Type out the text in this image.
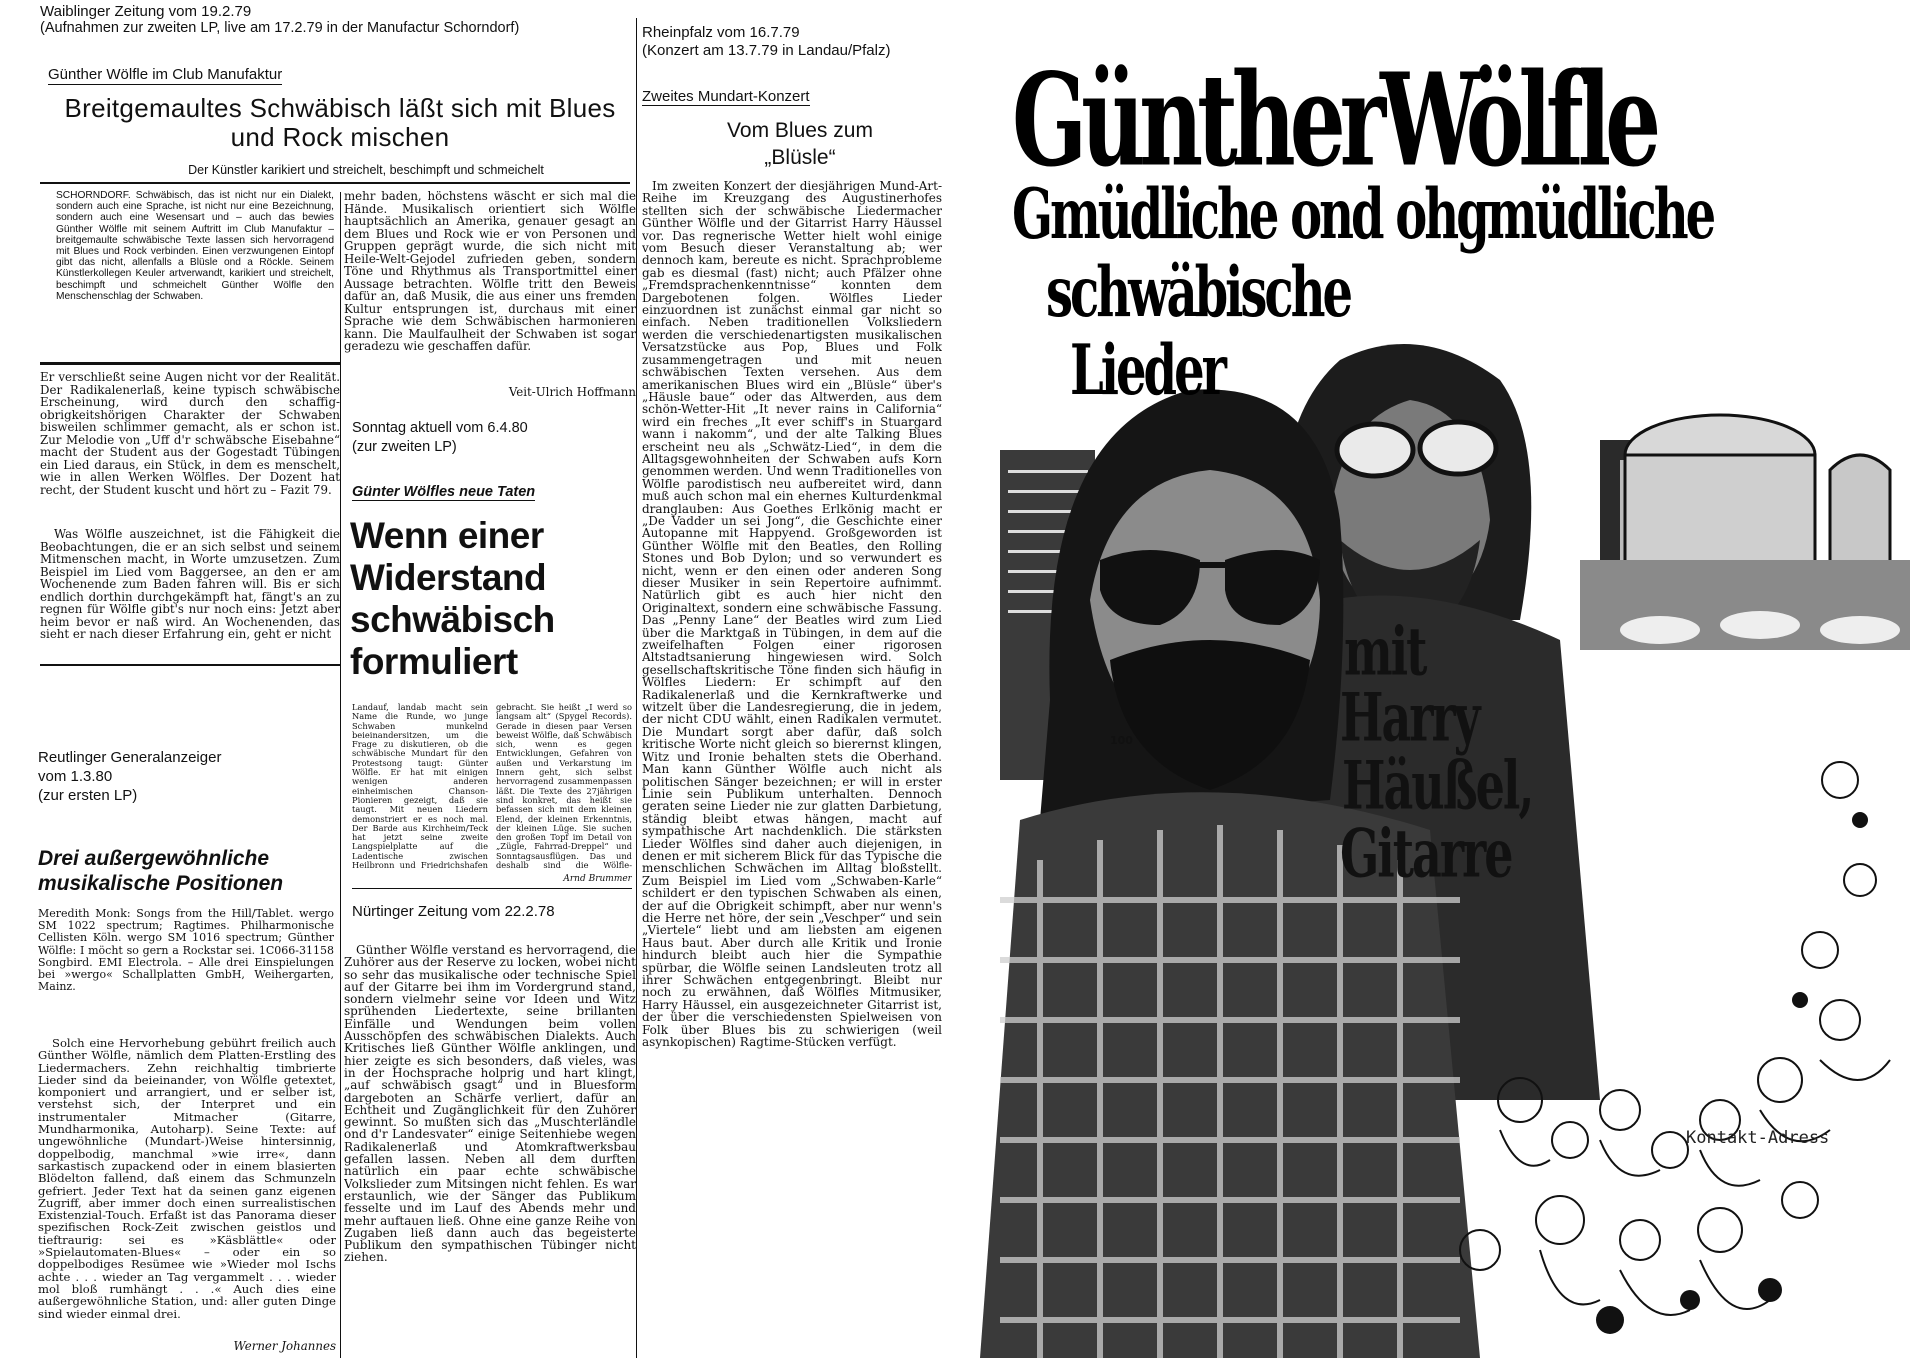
Waiblinger Zeitung vom 19.2.79
(Aufnahmen zur zweiten LP, live am 17.2.79 in der Manufactur Schorndorf)
Günther Wölfle im Club Manufaktur
Breitgemaultes Schwäbisch läßt sich mit Blues und Rock mischen
Der Künstler karikiert und streichelt, beschimpft und schmeichelt
SCHORNDORF. Schwäbisch, das ist nicht nur ein Dialekt, sondern auch eine Sprache, ist nicht nur eine Bezeichnung, sondern auch eine Wesensart und – auch das bewies Günther Wölfle mit seinem Auftritt im Club Manufaktur – breitgemaulte schwäbische Texte lassen sich hervorragend mit Blues und Rock verbinden. Einen verzwungenen Eintopf gibt das nicht, allenfalls a Blüsle ond a Röckle. Seinem Künstlerkollegen Keuler artverwandt, karikiert und streichelt, beschimpft und schmeichelt Günther Wölfle den Menschenschlag der Schwaben.
Er verschließt seine Augen nicht vor der Realität. Der Radikalenerlaß, keine typisch schwäbische Erscheinung, wird durch den schaffig-obrigkeitshörigen Charakter der Schwaben bisweilen schlimmer gemacht, als er schon ist. Zur Melodie von „Uff d'r schwäbsche Eisebahne“ macht der Student aus der Gogestadt Tübingen ein Lied daraus, ein Stück, in dem es menschelt, wie in allen Werken Wölfles. Der Dozent hat recht, der Student kuscht und hört zu – Fazit 79.
Was Wölfle auszeichnet, ist die Fähigkeit die Beobachtungen, die er an sich selbst und seinem Mitmenschen macht, in Worte umzusetzen. Zum Beispiel im Lied vom Baggersee, an den er am Wochenende zum Baden fahren will. Bis er sich endlich dorthin durchgekämpft hat, fängt's an zu regnen für Wölfle gibt's nur noch eins: Jetzt aber heim bevor er naß wird. An Wochenenden, das sieht er nach dieser Erfahrung ein, geht er nicht
mehr baden, höchstens wäscht er sich mal die Hände. Musikalisch orientiert sich Wölfle hauptsächlich an Amerika, genauer gesagt an dem Blues und Rock wie er von Personen und Gruppen geprägt wurde, die sich nicht mit Heile-Welt-Gejodel zufrieden geben, sondern Töne und Rhythmus als Transportmittel einer Aussage betrachten. Wölfle tritt den Beweis dafür an, daß Musik, die aus einer uns fremden Kultur entsprungen ist, durchaus mit einer Sprache wie dem Schwäbischen harmonieren kann. Die Maulfaulheit der Schwaben ist sogar geradezu wie geschaffen dafür.
Veit-Ulrich Hoffmann
Sonntag aktuell vom 6.4.80
(zur zweiten LP)
Günter Wölfles neue Taten
Wenn einer Widerstand schwäbisch formuliert
Landauf, landab macht sein Name die Runde, wo junge Schwaben munkelnd beieinandersitzen, um die Frage zu diskutieren, ob die schwäbische Mundart für den Protestsong taugt: Günter Wölfle. Er hat mit einigen wenigen anderen einheimischen Chanson-Pionieren gezeigt, daß sie taugt. Mit neuen Liedern demonstriert er es noch mal. Der Barde aus Kirchheim/Teck hat jetzt seine zweite Langspielplatte auf die Ladentische zwischen Heilbronn und Friedrichshafen gebracht. Sie heißt „I werd so langsam alt“ (Spygel Records). Gerade in diesen paar Versen beweist Wölfle, daß Schwäbisch sich, wenn es gegen Entwicklungen, Gefahren von außen und Verkarstung im Innern geht, sich selbst hervorragend zusammenpassen läßt. Die Texte des 27jährigen sind konkret, das heißt sie befassen sich mit dem kleinen Elend, der kleinen Erkenntnis, der kleinen Lüge. Sie suchen den großen Topf im Detail von „Zügle, Fahrrad-Dreppel“ und Sonntagsausflügen. Das und deshalb sind die Wölfle-
Arnd Brummer
Nürtinger Zeitung vom 22.2.78
Günther Wölfle verstand es hervorragend, die Zuhörer aus der Reserve zu locken, wobei nicht so sehr das musikalische oder technische Spiel auf der Gitarre bei ihm im Vordergrund stand, sondern vielmehr seine vor Ideen und Witz sprühenden Liedertexte, seine brillanten Einfälle und Wendungen beim vollen Ausschöpfen des schwäbischen Dialekts. Auch Kritisches ließ Günther Wölfle anklingen, und hier zeigte es sich besonders, daß vieles, was in der Hochsprache holprig und hart klingt, „auf schwäbisch gsagt“ und in Bluesform dargeboten an Schärfe verliert, dafür an Echtheit und Zugänglichkeit für den Zuhörer gewinnt. So mußten sich das „Muschterländle ond d'r Landesvater“ einige Seitenhiebe wegen Radikalenerlaß und Atomkraftwerksbau gefallen lassen. Neben all dem durften natürlich ein paar echte schwäbische Volkslieder zum Mitsingen nicht fehlen. Es war erstaunlich, wie der Sänger das Publikum fesselte und im Lauf des Abends mehr und mehr auftauen ließ. Ohne eine ganze Reihe von Zugaben ließ dann auch das begeisterte Publikum den sympathischen Tübinger nicht ziehen.
Reutlinger Generalanzeiger
vom 1.3.80
(zur ersten LP)
Drei außergewöhnliche musikalische Positionen
Meredith Monk: Songs from the Hill/Tablet. wergo SM 1022 spectrum; Ragtimes. Philharmonische Cellisten Köln. wergo SM 1016 spectrum; Günther Wölfle: I möcht so gern a Rockstar sei. 1C066-31158 Songbird. EMI Electrola. – Alle drei Einspielungen bei »wergo« Schallplatten GmbH, Weihergarten, Mainz.
Solch eine Hervorhebung gebührt freilich auch Günther Wölfle, nämlich dem Platten-Erstling des Liedermachers. Zehn reichhaltig timbrierte Lieder sind da beieinander, von Wölfle getextet, komponiert und arrangiert, und er selber ist, verstehst sich, der Interpret und ein instrumentaler Mitmacher (Gitarre, Mundharmonika, Autoharp). Seine Texte: auf ungewöhnliche (Mundart-)Weise hintersinnig, doppelbodig, manchmal »wie irre«, dann sarkastisch zupackend oder in einem blasierten Blödelton fallend, daß einem das Schmunzeln gefriert. Jeder Text hat da seinen ganz eigenen Zugriff, aber immer doch einen surrealistischen Existenzial-Touch. Erfaßt ist das Panorama dieser spezifischen Rock-Zeit zwischen geistlos und tieftraurig: sei es »Käsblättle« oder »Spielautomaten-Blues« – oder ein so doppelbodiges Resümee wie »Wieder mol Ischs achte . . . wieder an Tag vergammelt . . . wieder mol bloß rumhängt . . .« Auch dies eine außergewöhnliche Station, und: aller guten Dinge sind wieder einmal drei.
Werner Johannes
Rheinpfalz vom 16.7.79
(Konzert am 13.7.79 in Landau/Pfalz)
Zweites Mundart-Konzert
Vom Blues zum „Blüsle“
Im zweiten Konzert der diesjährigen Mund-Art-Reihe im Kreuzgang des Augustinerhofes stellten sich der schwäbische Liedermacher Günther Wölfle und der Gitarrist Harry Häussel vor. Das regnerische Wetter hielt wohl einige vom Besuch dieser Veranstaltung ab; wer dennoch kam, bereute es nicht. Sprachprobleme gab es diesmal (fast) nicht; auch Pfälzer ohne „Fremdsprachenkenntnisse“ konnten dem Dargebotenen folgen. Wölfles Lieder einzuordnen ist zunächst einmal gar nicht so einfach. Neben traditionellen Volksliedern werden die verschiedenartigsten musikalischen Versatzstücke aus Pop, Blues und Folk zusammengetragen und mit neuen schwäbischen Texten versehen. Aus dem amerikanischen Blues wird ein „Blüsle“ über's „Häusle baue“ oder das Altwerden, aus dem schön-Wetter-Hit „It never rains in California“ wird ein freches „It ever schiff's in Stuargard wann i nakomm“, und der alte Talking Blues erscheint neu als „Schwätz-Lied“, in dem die Alltagsgewohnheiten der Schwaben aufs Korn genommen werden. Und wenn Traditionelles von Wölfle parodistisch neu aufbereitet wird, dann muß auch schon mal ein ehernes Kulturdenkmal dranglauben: Aus Goethes Erlkönig macht er „De Vadder un sei Jong“, die Geschichte einer Autopanne mit Happyend. Großgeworden ist Günther Wölfle mit den Beatles, den Rolling Stones und Bob Dylon; und so verwundert es nicht, wenn er den einen oder anderen Song dieser Musiker in sein Repertoire aufnimmt. Natürlich gibt es auch hier nicht den Originaltext, sondern eine schwäbische Fassung. Das „Penny Lane“ der Beatles wird zum Lied über die Marktgaß in Tübingen, in dem auf die zweifelhaften Folgen einer rigorosen Altstadtsanierung hingewiesen wird. Solch gesellschaftskritische Töne finden sich häufig in Wölfles Liedern: Er schimpft auf den Radikalenerlaß und die Kernkraftwerke und witzelt über die Landesregierung, die in jedem, der nicht CDU wählt, einen Radikalen vermutet. Die Mundart sorgt aber dafür, daß solch kritische Worte nicht gleich so bierernst klingen, Witz und Ironie behalten stets die Oberhand. Man kann Günther Wölfle auch nicht als politischen Sänger bezeichnen; er will in erster Linie sein Publikum unterhalten. Dennoch geraten seine Lieder nie zur glatten Darbietung, ständig bleibt etwas hängen, macht auf sympathische Art nachdenklich. Die stärksten Lieder Wölfles sind daher auch diejenigen, in denen er mit sicherem Blick für das Typische die menschlichen Schwächen im Alltag bloßstellt. Zum Beispiel im Lied vom „Schwaben-Karle“ schildert er den typischen Schwaben als einen, der auf die Obrigkeit schimpft, aber nur wenn's die Herre net höre, der sein „Veschper“ und sein „Viertele“ liebt und am liebsten am eigenen Haus baut. Aber durch alle Kritik und Ironie hindurch bleibt auch hier die Sympathie spürbar, die Wölfle seinen Landsleuten trotz all ihrer Schwächen entgegenbringt. Bleibt nur noch zu erwähnen, daß Wölfles Mitmusiker, Harry Häussel, ein ausgezeichneter Gitarrist ist, der über die verschiedensten Spielweisen von Folk über Blues bis zu schwierigen (weil asynkopischen) Ragtime-Stücken verfügt.
GüntherWölfle
Gmüdliche ond ohgmüdliche
schwäbische
Lieder
mit
Harry
Häußel,
Gitarre
100
Kontakt-Adress
